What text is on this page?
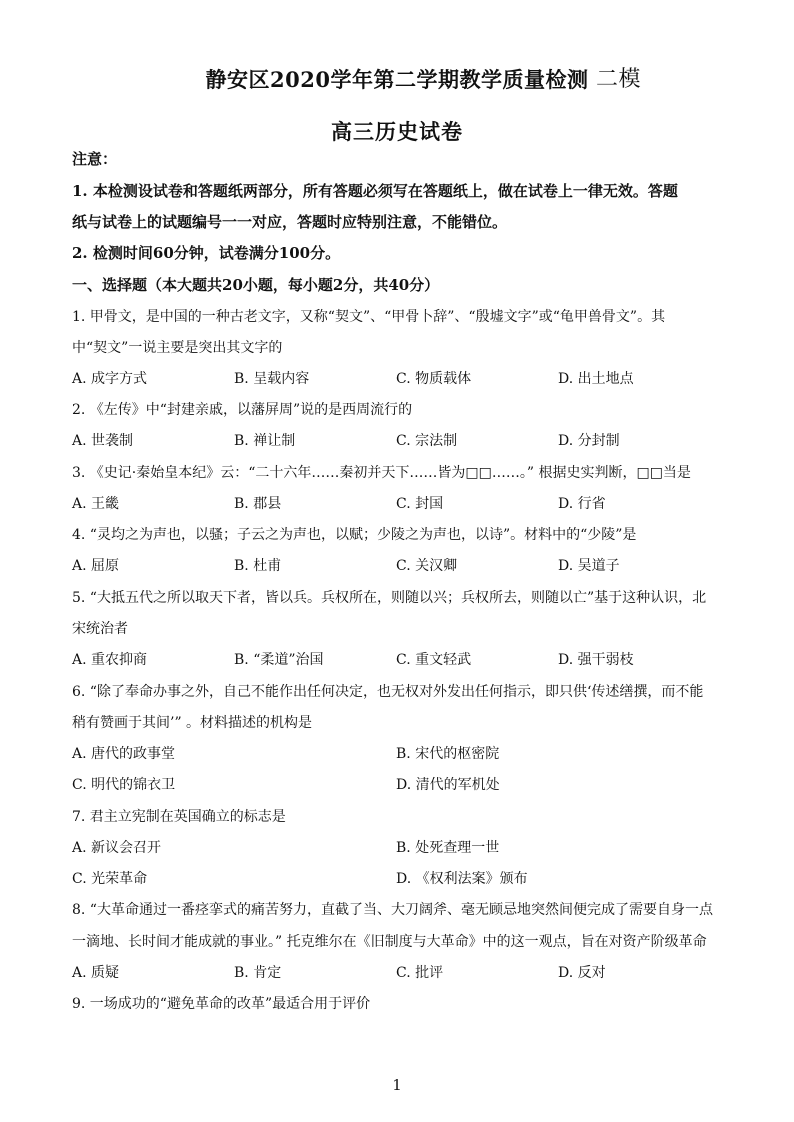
静安区2020学年第二学期教学质量检测 二模
高三历史试卷
注意：
1. 本检测设试卷和答题纸两部分，所有答题必须写在答题纸上，做在试卷上一律无效。答题
纸与试卷上的试题编号一一对应，答题时应特别注意，不能错位。
2. 检测时间60分钟，试卷满分100分。
一、选择题（本大题共20小题，每小题2分，共40分）
1. 甲骨文，是中国的一种古老文字，又称“契文”、“甲骨卜辞”、“殷墟文字”或“龟甲兽骨文”。其
中“契文”一说主要是突出其文字的
A. 成字方式	B. 呈载内容	C. 物质载体	D. 出土地点
2. 《左传》中“封建亲戚，以藩屏周”说的是西周流行的
A. 世袭制	B. 禅让制	C. 宗法制	D. 分封制
3. 《史记·秦始皇本纪》云：“二十六年……秦初并天下……皆为□□……。” 根据史实判断，□□当是
A. 王畿	B. 郡县	C. 封国	D. 行省
4. “灵均之为声也，以骚；子云之为声也，以赋；少陵之为声也，以诗”。材料中的“少陵”是
A. 屈原	B. 杜甫	C. 关汉卿	D. 吴道子
5. “大抵五代之所以取天下者，皆以兵。兵权所在，则随以兴；兵权所去，则随以亡”基于这种认识，北
宋统治者
A. 重农抑商	B. “柔道”治国	C. 重文轻武	D. 强干弱枝
6. “除了奉命办事之外，自己不能作出任何决定，也无权对外发出任何指示，即只供‘传述缮撰，而不能
稍有赞画于其间’” 。材料描述的机构是
A. 唐代的政事堂	B. 宋代的枢密院
C. 明代的锦衣卫	D. 清代的军机处
7. 君主立宪制在英国确立的标志是
A. 新议会召开	B. 处死查理一世
C. 光荣革命	D. 《权利法案》颁布
8. “大革命通过一番痉挛式的痛苦努力，直截了当、大刀阔斧、毫无顾忌地突然间便完成了需要自身一点
一滴地、长时间才能成就的事业。” 托克维尔在《旧制度与大革命》中的这一观点，旨在对资产阶级革命
A. 质疑	B. 肯定	C. 批评	D. 反对
9. 一场成功的“避免革命的改革”最适合用于评价
1
